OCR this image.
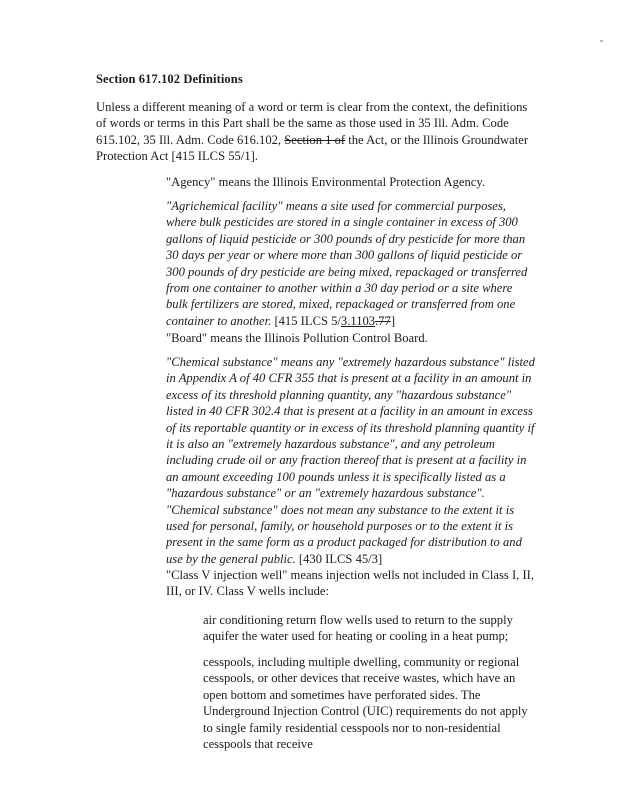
Section 617.102 Definitions

Unless a different meaning of a word or term is clear from the context, the definitions of words or terms in this Part shall be the same as those used in 35 Ill. Adm. Code 615.102, 35 Ill. Adm. Code 616.102, Section 1 of the Act, or the Illinois Groundwater Protection Act [415 ILCS 55/1].

"Agency" means the Illinois Environmental Protection Agency.

"Agrichemical facility" means a site used for commercial purposes, where bulk pesticides are stored in a single container in excess of 300 gallons of liquid pesticide or 300 pounds of dry pesticide for more than 30 days per year or where more than 300 gallons of liquid pesticide or 300 pounds of dry pesticide are being mixed, repackaged or transferred from one container to another within a 30 day period or a site where bulk fertilizers are stored, mixed, repackaged or transferred from one container to another. [415 ILCS 5/3.1103.77]

"Board" means the Illinois Pollution Control Board.

"Chemical substance" means any "extremely hazardous substance" listed in Appendix A of 40 CFR 355 that is present at a facility in an amount in excess of its threshold planning quantity, any "hazardous substance" listed in 40 CFR 302.4 that is present at a facility in an amount in excess of its reportable quantity or in excess of its threshold planning quantity if it is also an "extremely hazardous substance", and any petroleum including crude oil or any fraction thereof that is present at a facility in an amount exceeding 100 pounds unless it is specifically listed as a "hazardous substance" or an "extremely hazardous substance". "Chemical substance" does not mean any substance to the extent it is used for personal, family, or household purposes or to the extent it is present in the same form as a product packaged for distribution to and use by the general public. [430 ILCS 45/3]

"Class V injection well" means injection wells not included in Class I, II, III, or IV. Class V wells include:

air conditioning return flow wells used to return to the supply aquifer the water used for heating or cooling in a heat pump;

cesspools, including multiple dwelling, community or regional cesspools, or other devices that receive wastes, which have an open bottom and sometimes have perforated sides. The Underground Injection Control (UIC) requirements do not apply to single family residential cesspools nor to non-residential cesspools that receive
